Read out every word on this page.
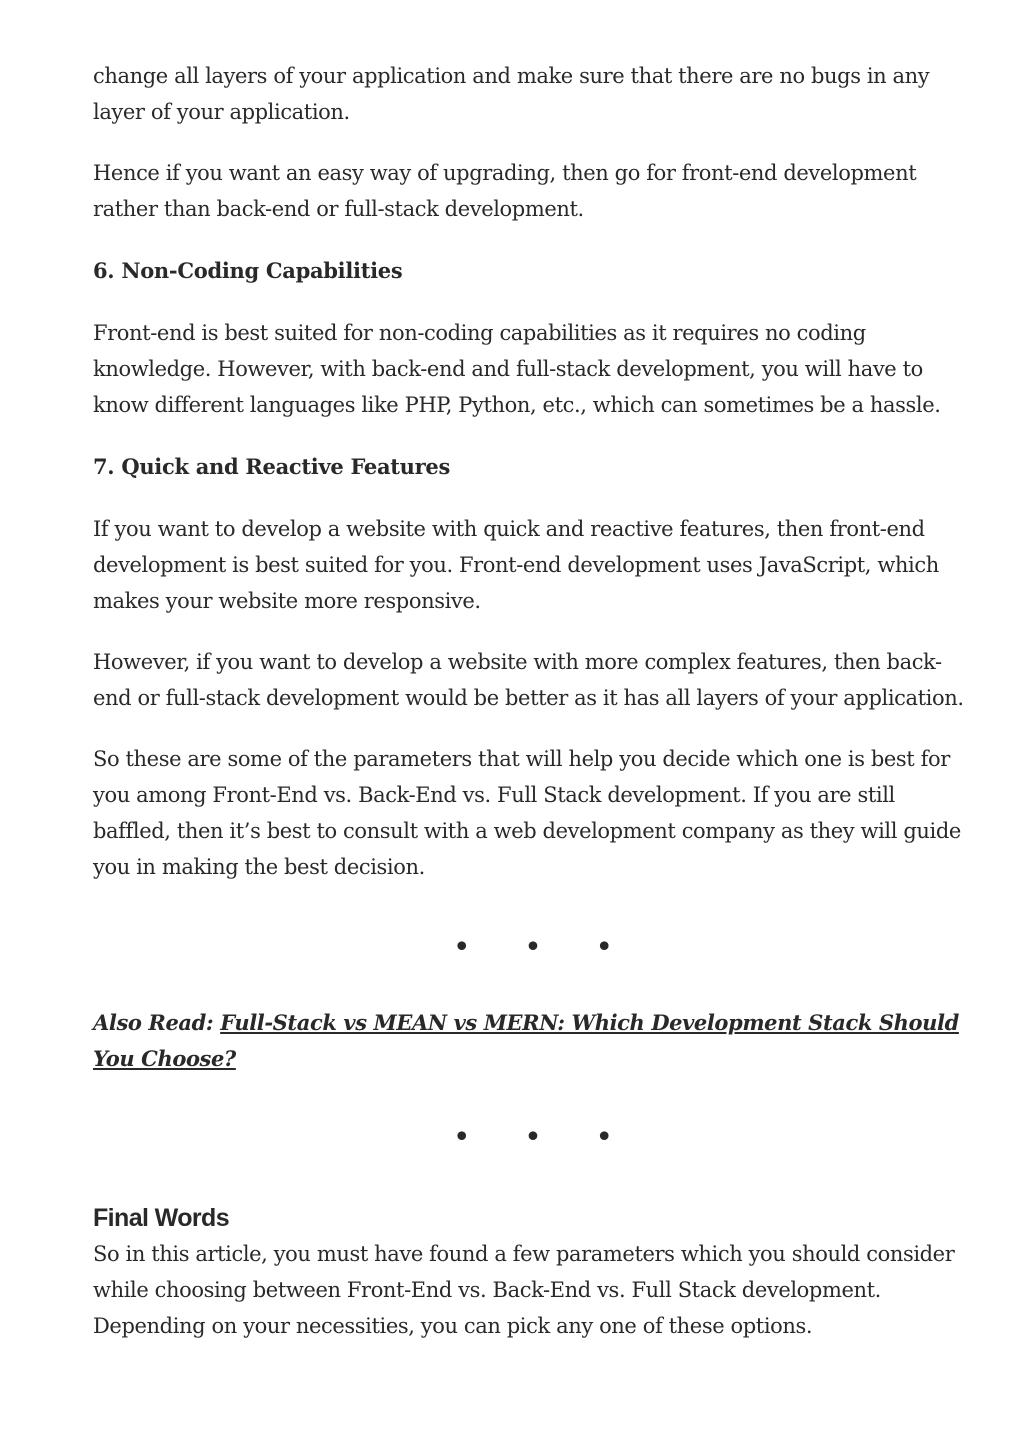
change all layers of your application and make sure that there are no bugs in any layer of your application.

Hence if you want an easy way of upgrading, then go for front-end development rather than back-end or full-stack development.

6. Non-Coding Capabilities

Front-end is best suited for non-coding capabilities as it requires no coding knowledge. However, with back-end and full-stack development, you will have to know different languages like PHP, Python, etc., which can sometimes be a hassle.

7. Quick and Reactive Features

If you want to develop a website with quick and reactive features, then front-end development is best suited for you. Front-end development uses JavaScript, which makes your website more responsive.

However, if you want to develop a website with more complex features, then back-end or full-stack development would be better as it has all layers of your application.

So these are some of the parameters that will help you decide which one is best for you among Front-End vs. Back-End vs. Full Stack development. If you are still baffled, then it’s best to consult with a web development company as they will guide you in making the best decision.

• • •

Also Read: Full-Stack vs MEAN vs MERN: Which Development Stack Should You Choose?

• • •
Final Words

So in this article, you must have found a few parameters which you should consider while choosing between Front-End vs. Back-End vs. Full Stack development. Depending on your necessities, you can pick any one of these options.
